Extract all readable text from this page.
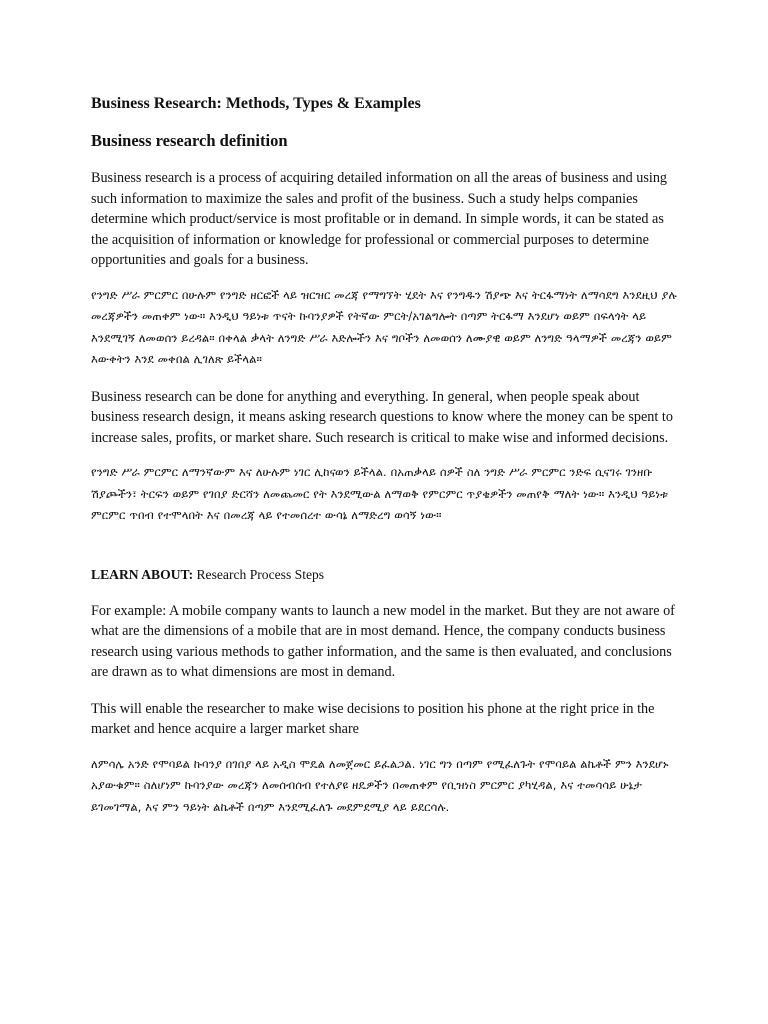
Business Research: Methods, Types & Examples
Business research definition

Business research is a process of acquiring detailed information on all the areas of business and using such information to maximize the sales and profit of the business. Such a study helps companies determine which product/service is most profitable or in demand. In simple words, it can be stated as the acquisition of information or knowledge for professional or commercial purposes to determine opportunities and goals for a business.

የንግድ ሥራ ምርምር በሁሉም የንግድ ዘርፎች ላይ ዝርዝር መረጃ የማግኘት ሂደት እና የንግዱን ሽያጭ እና ትርፋማነት ለማሳደግ እንደዚህ ያሉ መረጃዎችን መጠቀም ነው። እንዲህ ዓይነቱ ጥናት ኩባንያዎች የትኛው ምርት/አገልግሎት በጣም ትርፋማ እንደሆነ ወይም በፍላጎት ላይ እንደሚገኝ ለመወሰን ይረዳል። በቀላል ቃላት ለንግድ ሥራ እድሎችን እና ግቦችን ለመወሰን ለሙያዊ ወይም ለንግድ ዓላማዎች መረጃን ወይም እውቀትን እንደ መቀበል ሊገለጽ ይችላል።

Business research can be done for anything and everything. In general, when people speak about business research design, it means asking research questions to know where the money can be spent to increase sales, profits, or market share. Such research is critical to make wise and informed decisions.

የንግድ ሥራ ምርምር ለማንኛውም እና ለሁሉም ነገር ሊከናወን ይችላል. በአጠቃላይ ሰዎች ስለ ንግድ ሥራ ምርምር ንድፍ ሲናገሩ ገንዘቡ ሽያጮችን፣ ትርፍን ወይም የገበያ ድርሻን ለመጨመር የት እንደሚውል ለማወቅ የምርምር ጥያቄዎችን መጠየቅ ማለት ነው። እንዲህ ዓይነቱ ምርምር ጥበብ የተሞላበት እና በመረጃ ላይ የተመሰረተ ውሳኔ ለማድረግ ወሳኝ ነው።

LEARN ABOUT: Research Process Steps

For example: A mobile company wants to launch a new model in the market. But they are not aware of what are the dimensions of a mobile that are in most demand. Hence, the company conducts business research using various methods to gather information, and the same is then evaluated, and conclusions are drawn as to what dimensions are most in demand.

This will enable the researcher to make wise decisions to position his phone at the right price in the market and hence acquire a larger market share

ለምሳሌ አንድ የሞባይል ኩባንያ በገበያ ላይ አዲስ ሞዴል ለመጀመር ይፈልጋል. ነገር ግን በጣም የሚፈለጉት የሞባይል ልኬቶች ምን እንደሆኑ አያውቁም። ስለሆነም ኩባንያው መረጃን ለመሰብሰብ የተለያዩ ዘዴዎችን በመጠቀም የቢዝነስ ምርምር ያካሂዳል, እና ተመሳሳይ ሁኔታ ይገመገማል, እና ምን ዓይነት ልኬቶች በጣም እንደሚፈለጉ መደምደሚያ ላይ ይደርሳሉ.
